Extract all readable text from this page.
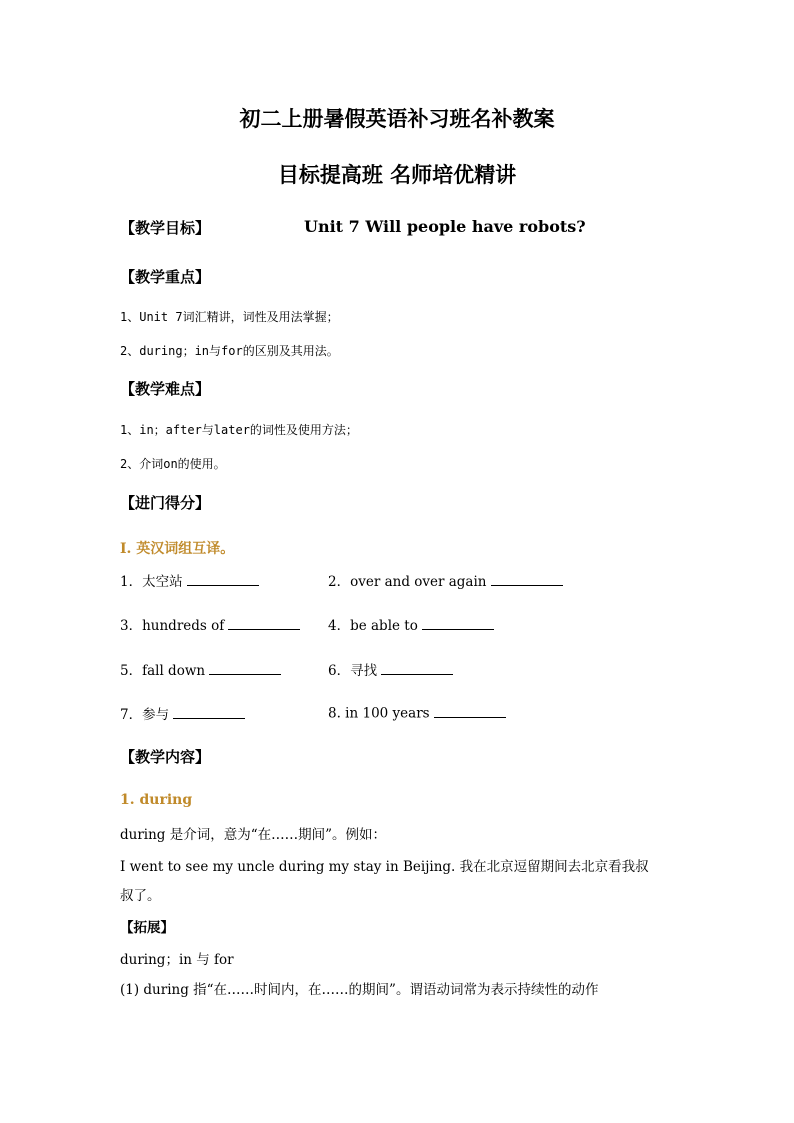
初二上册暑假英语补习班名补教案
目标提高班 名师培优精讲
【教学目标】	Unit 7 Will people have robots?
【教学重点】
1、Unit 7词汇精讲，词性及用法掌握；
2、during；in与for的区别及其用法。
【教学难点】
1、in；after与later的词性及使用方法；
2、介词on的使用。
【进门得分】
I. 英汉词组互译。
1．太空站	2．over and over again
3．hundreds of	4．be able to
5．fall down	6．寻找
7．参与	8. in 100 years
【教学内容】
1. during
during 是介词，意为“在……期间”。例如：
I went to see my uncle during my stay in Beijing. 我在北京逗留期间去北京看我叔
叔了。
【拓展】
during；in 与 for
(1) during 指“在……时间内，在……的期间”。谓语动词常为表示持续性的动作
